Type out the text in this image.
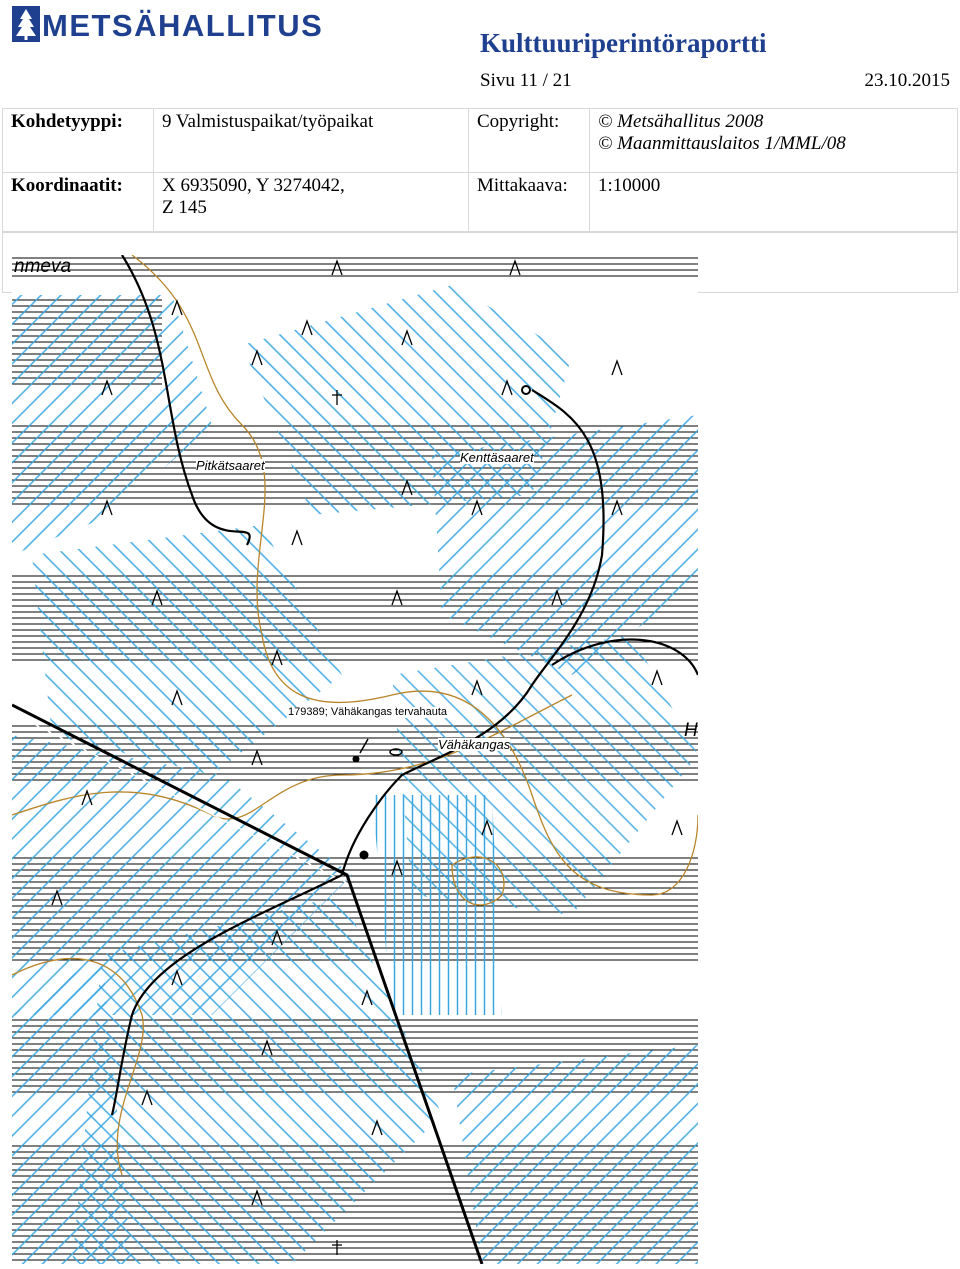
METSÄHALLITUS	Kulttuuriperintöraportti
Sivu 11 / 21	23.10.2015
Kohdetyyppi:	9 Valmistuspaikat/työpaikat	Copyright:	© Metsähallitus 2008
© Maanmittauslaitos 1/MML/08

Koordinaatit:	X 6935090, Y 3274042,
Z 145	Mittakaava:	1:10000
nmeva
Pitkätsaaret
Kenttäsaaret
179389; Vähäkangas tervahauta
Vähäkangas
H
